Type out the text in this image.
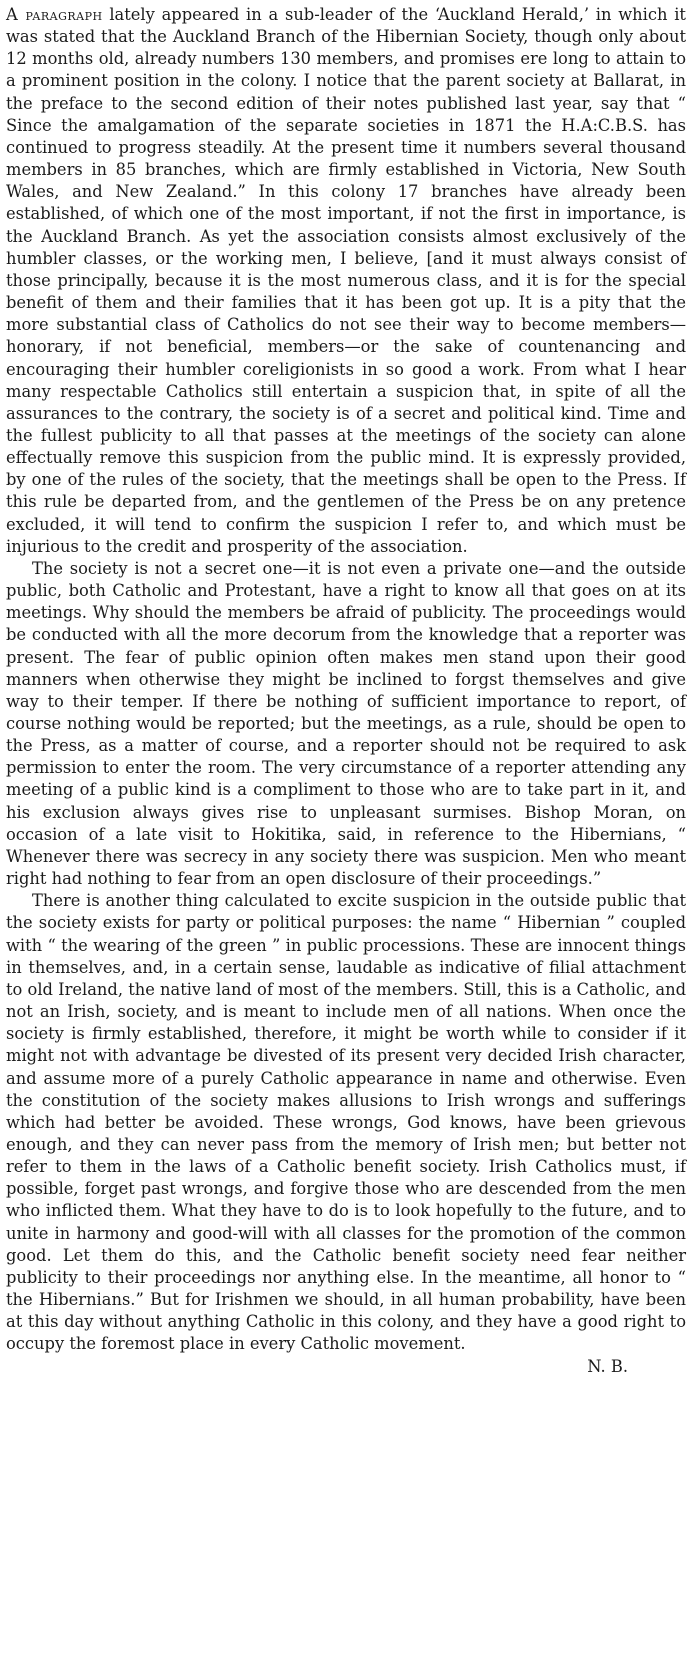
A paragraph lately appeared in a sub-leader of the ‘Auckland Herald,’ in which it was stated that the Auckland Branch of the Hibernian Society, though only about 12 months old, already numbers 130 members, and promises ere long to attain to a prominent position in the colony. I notice that the parent society at Ballarat, in the preface to the second edition of their notes published last year, say that “ Since the amalgamation of the separate societies in 1871 the H.A:C.B.S. has continued to progress steadily. At the present time it numbers several thousand members in 85 branches, which are firmly established in Victoria, New South Wales, and New Zealand.” In this colony 17 branches have already been established, of which one of the most important, if not the first in importance, is the Auckland Branch. As yet the association consists almost exclusively of the humbler classes, or the working men, I believe, [and it must always consist of those principally, because it is the most numerous class, and it is for the special benefit of them and their families that it has been got up. It is a pity that the more substantial class of Catholics do not see their way to become members—honorary, if not beneficial, members—or the sake of countenancing and encouraging their humbler coreligionists in so good a work. From what I hear many respectable Catholics still entertain a suspicion that, in spite of all the assurances to the contrary, the society is of a secret and political kind. Time and the fullest publicity to all that passes at the meetings of the society can alone effectually remove this suspicion from the public mind. It is expressly provided, by one of the rules of the society, that the meetings shall be open to the Press. If this rule be departed from, and the gentlemen of the Press be on any pretence excluded, it will tend to confirm the suspicion I refer to, and which must be injurious to the credit and prosperity of the association.

The society is not a secret one—it is not even a private one—and the outside public, both Catholic and Protestant, have a right to know all that goes on at its meetings. Why should the members be afraid of publicity. The proceedings would be conducted with all the more decorum from the knowledge that a reporter was present. The fear of public opinion often makes men stand upon their good manners when otherwise they might be inclined to forgst themselves and give way to their temper. If there be nothing of sufficient importance to report, of course nothing would be reported; but the meetings, as a rule, should be open to the Press, as a matter of course, and a reporter should not be required to ask permission to enter the room. The very circumstance of a reporter attending any meeting of a public kind is a compliment to those who are to take part in it, and his exclusion always gives rise to unpleasant surmises. Bishop Moran, on occasion of a late visit to Hokitika, said, in reference to the Hibernians, “ Whenever there was secrecy in any society there was suspicion. Men who meant right had nothing to fear from an open disclosure of their proceedings.”

There is another thing calculated to excite suspicion in the outside public that the society exists for party or political purposes: the name “ Hibernian ” coupled with “ the wearing of the green ” in public processions. These are innocent things in themselves, and, in a certain sense, laudable as indicative of filial attachment to old Ireland, the native land of most of the members. Still, this is a Catholic, and not an Irish, society, and is meant to include men of all nations. When once the society is firmly established, therefore, it might be worth while to consider if it might not with advantage be divested of its present very decided Irish character, and assume more of a purely Catholic appearance in name and otherwise. Even the constitution of the society makes allusions to Irish wrongs and sufferings which had better be avoided. These wrongs, God knows, have been grievous enough, and they can never pass from the memory of Irish men; but better not refer to them in the laws of a Catholic benefit society. Irish Catholics must, if possible, forget past wrongs, and forgive those who are descended from the men who inflicted them. What they have to do is to look hopefully to the future, and to unite in harmony and good-will with all classes for the promotion of the common good. Let them do this, and the Catholic benefit society need fear neither publicity to their proceedings nor anything else. In the meantime, all honor to “ the Hibernians.” But for Irishmen we should, in all human probability, have been at this day without anything Catholic in this colony, and they have a good right to occupy the foremost place in every Catholic movement.

N. B.
